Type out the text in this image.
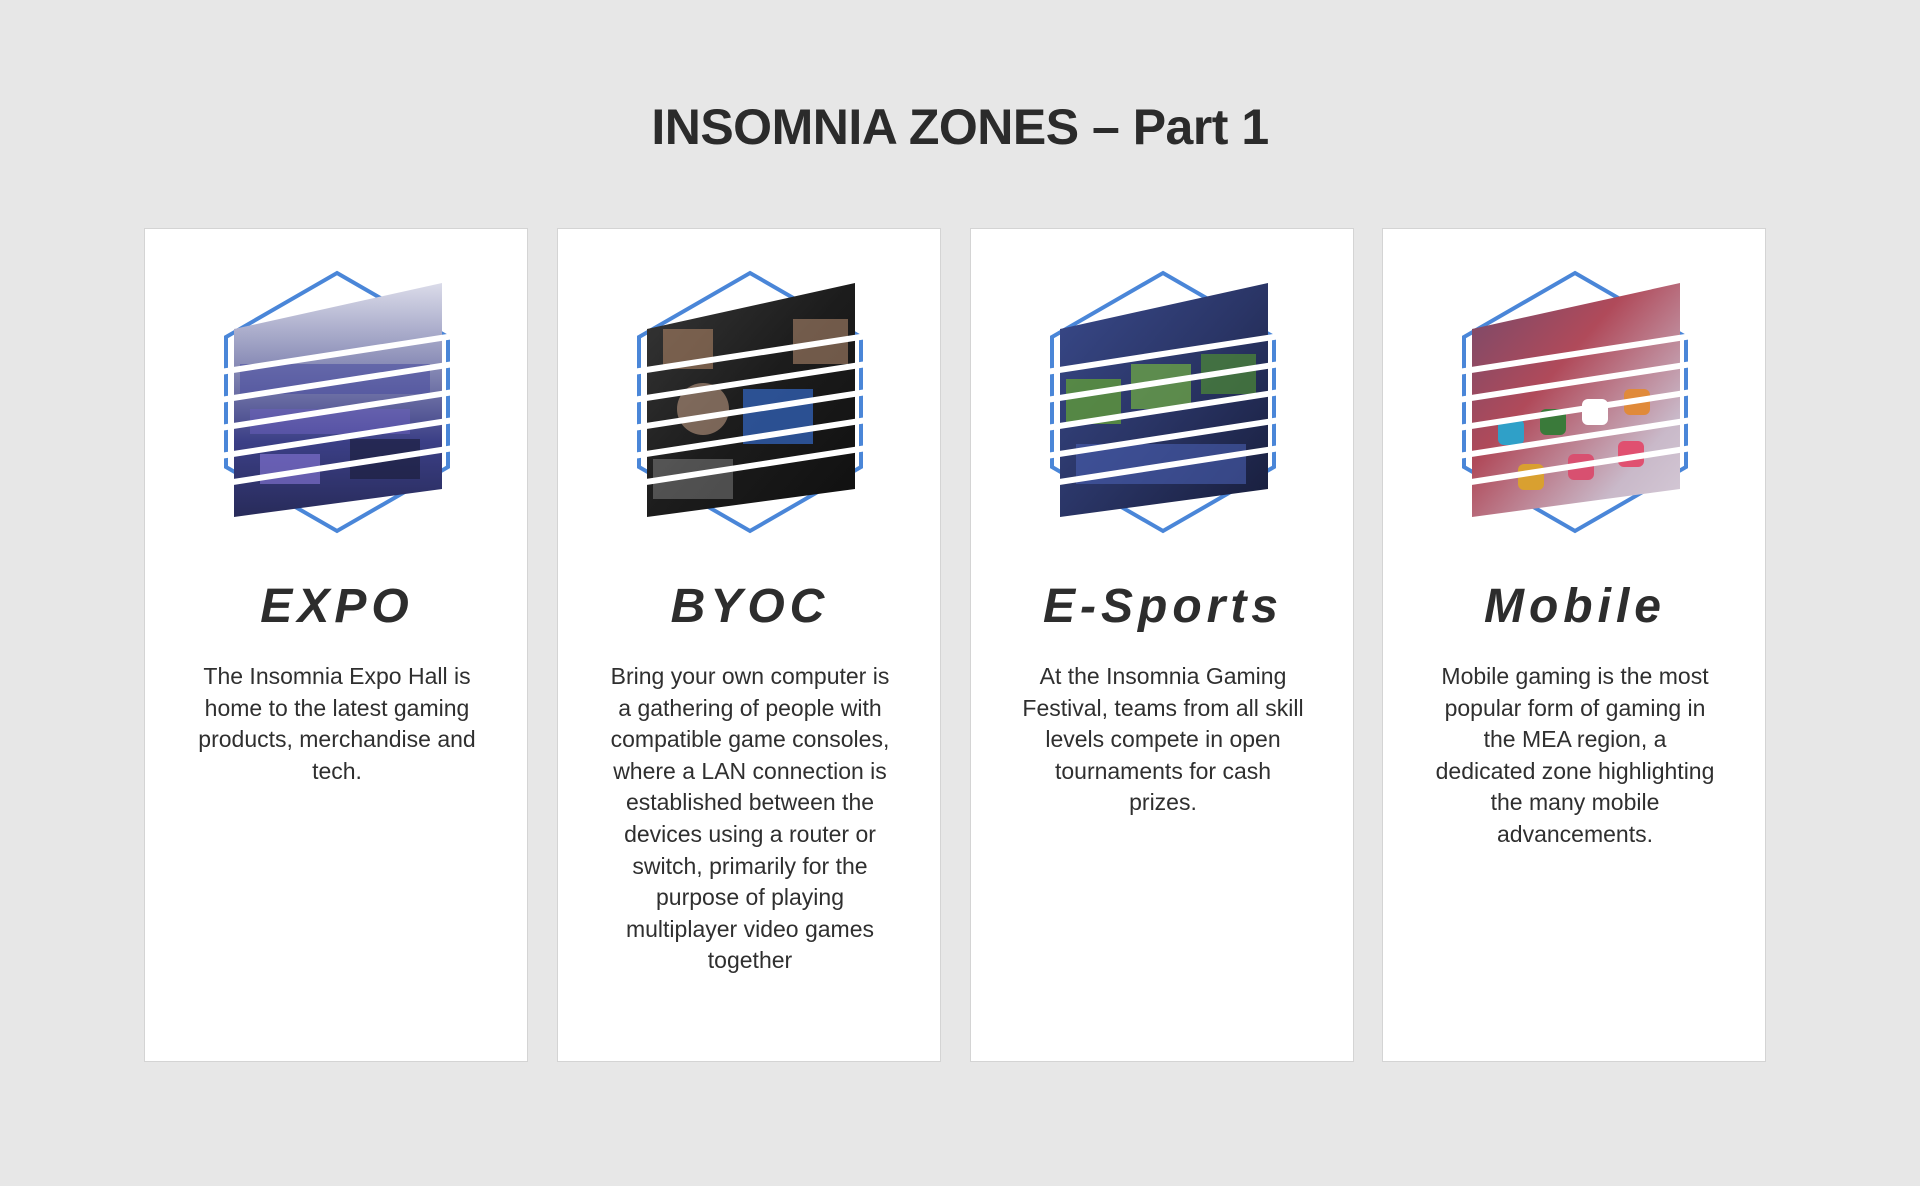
INSOMNIA ZONES – Part 1
EXPO

The Insomnia Expo Hall is home to the latest gaming products, merchandise and tech.

BYOC

Bring your own computer is a gathering of people with compatible game consoles, where a LAN connection is established between the devices using a router or switch, primarily for the purpose of playing multiplayer video games together

E-Sports

At the Insomnia Gaming Festival, teams from all skill levels compete in open tournaments for cash prizes.

Mobile

Mobile gaming is the most popular form of gaming in the MEA region, a dedicated zone highlighting the many mobile advancements.
